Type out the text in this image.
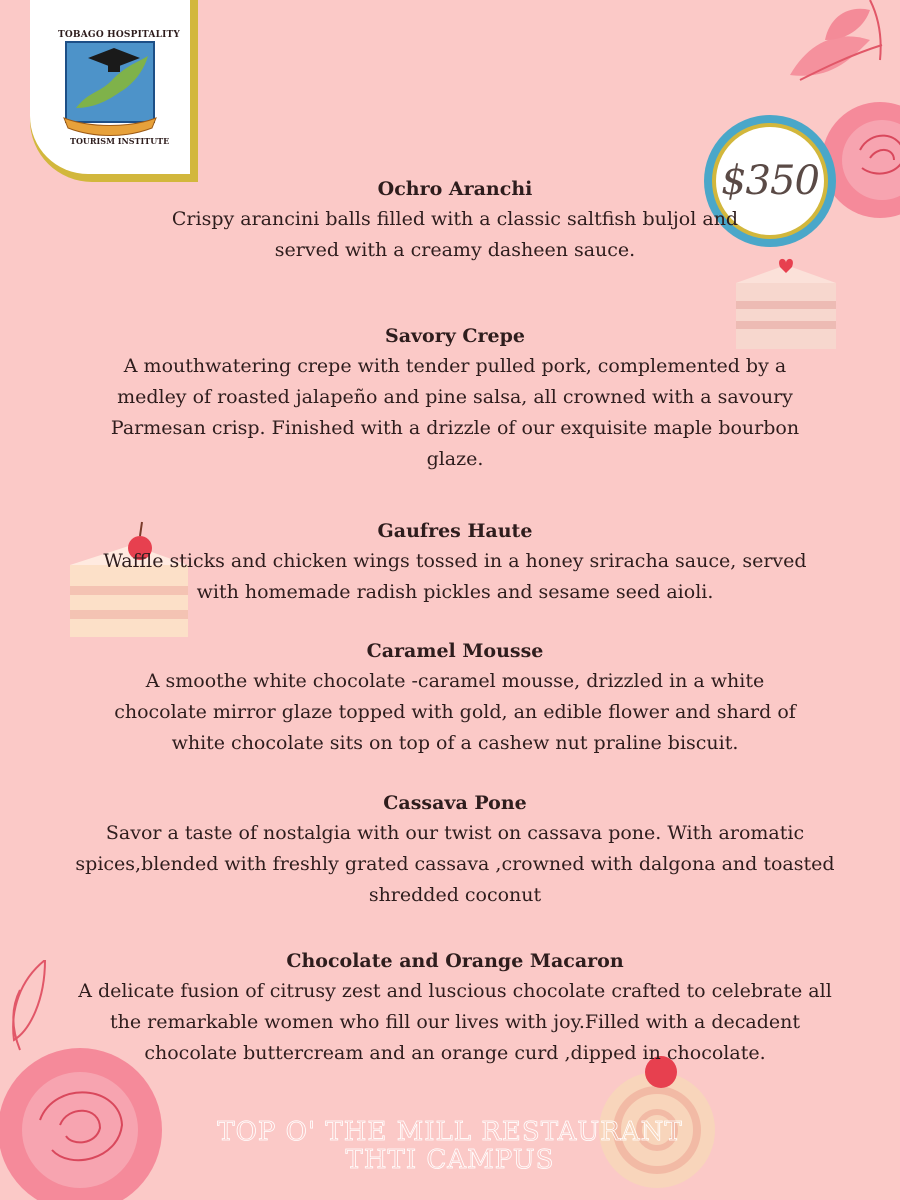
TOBAGO HOSPITALITY
TOURISM INSTITUTE
$350
Ochro Aranchi
Crispy arancini balls filled with a classic saltfish buljol and served with a creamy dasheen sauce.
Savory Crepe
A mouthwatering crepe with tender pulled pork, complemented by a medley of roasted jalapeño and pine salsa, all crowned with a savoury Parmesan crisp. Finished with a drizzle of our exquisite maple bourbon glaze.
Gaufres Haute
Waffle sticks and chicken wings tossed in a honey sriracha sauce, served with homemade radish pickles and sesame seed aioli.
Caramel Mousse
A smoothe white chocolate -caramel mousse, drizzled in a white chocolate mirror glaze topped with gold, an edible flower and shard of white chocolate sits on top of a cashew nut praline biscuit.
Cassava Pone
Savor a taste of nostalgia with our twist on cassava pone. With aromatic spices,blended with freshly grated cassava ,crowned with dalgona and toasted shredded coconut
Chocolate and Orange Macaron
A delicate fusion of citrusy zest and luscious chocolate crafted to celebrate all the remarkable women who fill our lives with joy.Filled with a decadent chocolate buttercream and an orange curd ,dipped in chocolate.
TOP O' THE MILL RESTAURANT
THTI CAMPUS
